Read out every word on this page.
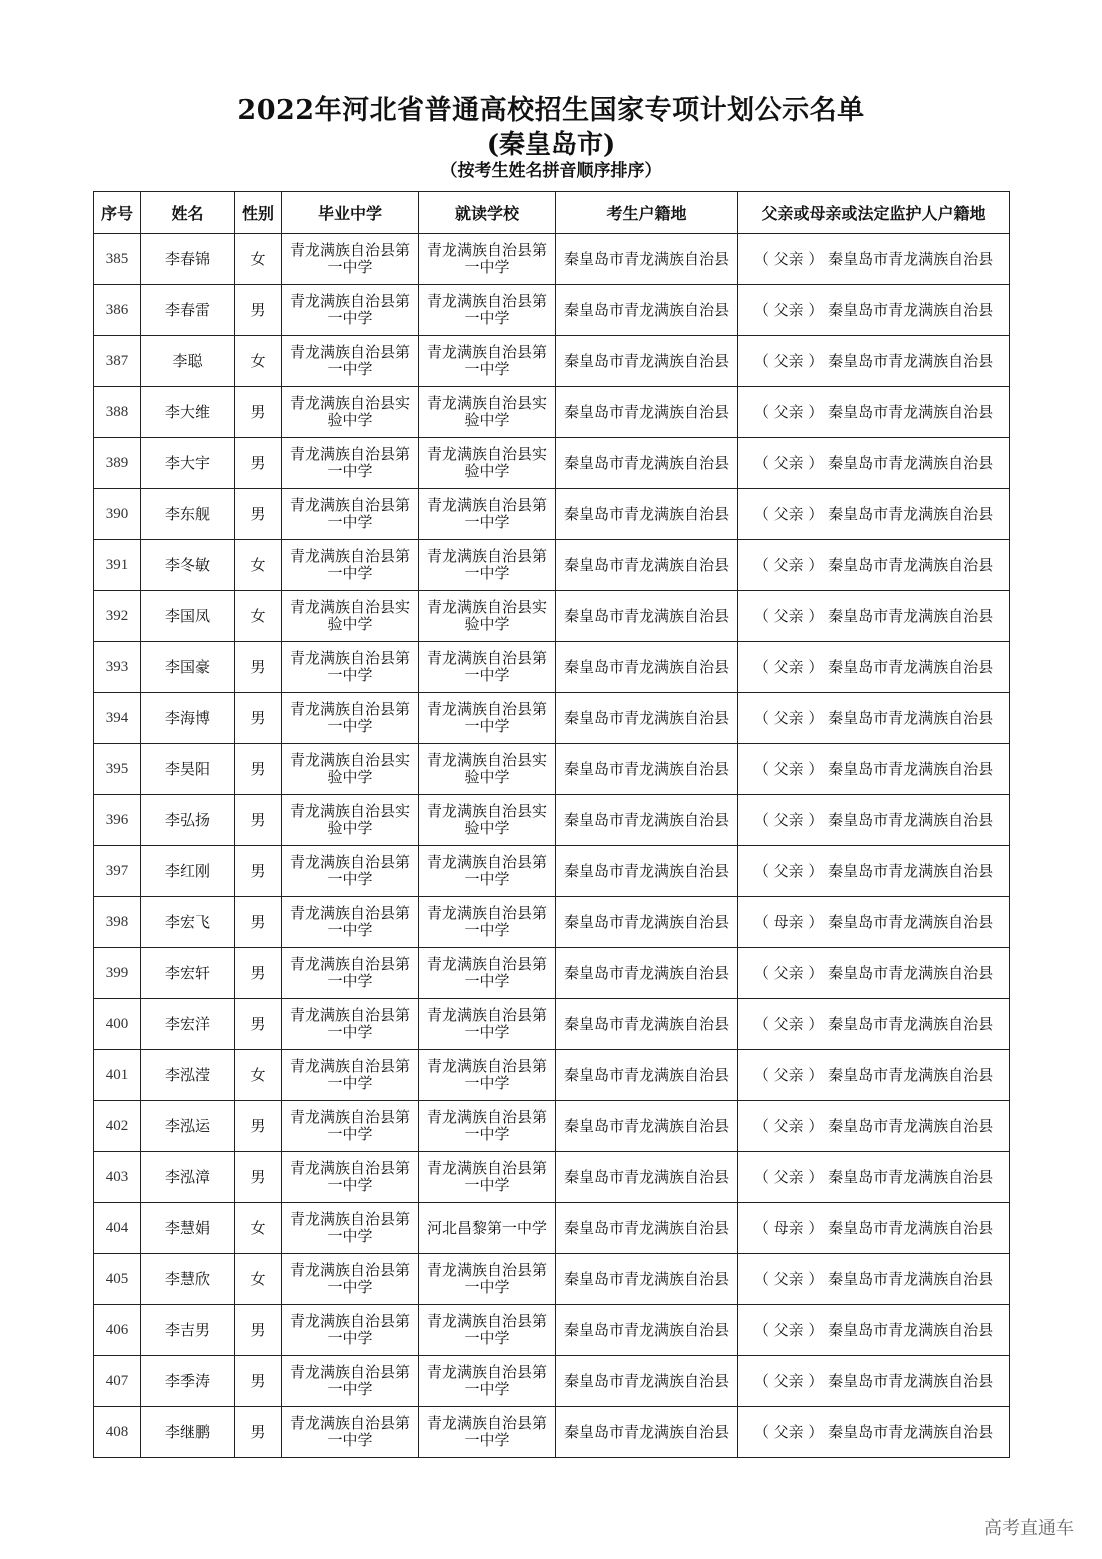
2022年河北省普通高校招生国家专项计划公示名单
(秦皇岛市)
（按考生姓名拼音顺序排序）
序号	姓名	性别	毕业中学	就读学校	考生户籍地	父亲或母亲或法定监护人户籍地
385	李春锦	女	青龙满族自治县第一中学	青龙满族自治县第一中学	秦皇岛市青龙满族自治县	（ 父亲 ） 秦皇岛市青龙满族自治县
386	李春雷	男	青龙满族自治县第一中学	青龙满族自治县第一中学	秦皇岛市青龙满族自治县	（ 父亲 ） 秦皇岛市青龙满族自治县
387	李聪	女	青龙满族自治县第一中学	青龙满族自治县第一中学	秦皇岛市青龙满族自治县	（ 父亲 ） 秦皇岛市青龙满族自治县
388	李大维	男	青龙满族自治县实验中学	青龙满族自治县实验中学	秦皇岛市青龙满族自治县	（ 父亲 ） 秦皇岛市青龙满族自治县
389	李大宇	男	青龙满族自治县第一中学	青龙满族自治县实验中学	秦皇岛市青龙满族自治县	（ 父亲 ） 秦皇岛市青龙满族自治县
390	李东舰	男	青龙满族自治县第一中学	青龙满族自治县第一中学	秦皇岛市青龙满族自治县	（ 父亲 ） 秦皇岛市青龙满族自治县
391	李冬敏	女	青龙满族自治县第一中学	青龙满族自治县第一中学	秦皇岛市青龙满族自治县	（ 父亲 ） 秦皇岛市青龙满族自治县
392	李国凤	女	青龙满族自治县实验中学	青龙满族自治县实验中学	秦皇岛市青龙满族自治县	（ 父亲 ） 秦皇岛市青龙满族自治县
393	李国豪	男	青龙满族自治县第一中学	青龙满族自治县第一中学	秦皇岛市青龙满族自治县	（ 父亲 ） 秦皇岛市青龙满族自治县
394	李海博	男	青龙满族自治县第一中学	青龙满族自治县第一中学	秦皇岛市青龙满族自治县	（ 父亲 ） 秦皇岛市青龙满族自治县
395	李昊阳	男	青龙满族自治县实验中学	青龙满族自治县实验中学	秦皇岛市青龙满族自治县	（ 父亲 ） 秦皇岛市青龙满族自治县
396	李弘扬	男	青龙满族自治县实验中学	青龙满族自治县实验中学	秦皇岛市青龙满族自治县	（ 父亲 ） 秦皇岛市青龙满族自治县
397	李红刚	男	青龙满族自治县第一中学	青龙满族自治县第一中学	秦皇岛市青龙满族自治县	（ 父亲 ） 秦皇岛市青龙满族自治县
398	李宏飞	男	青龙满族自治县第一中学	青龙满族自治县第一中学	秦皇岛市青龙满族自治县	（ 母亲 ） 秦皇岛市青龙满族自治县
399	李宏轩	男	青龙满族自治县第一中学	青龙满族自治县第一中学	秦皇岛市青龙满族自治县	（ 父亲 ） 秦皇岛市青龙满族自治县
400	李宏洋	男	青龙满族自治县第一中学	青龙满族自治县第一中学	秦皇岛市青龙满族自治县	（ 父亲 ） 秦皇岛市青龙满族自治县
401	李泓滢	女	青龙满族自治县第一中学	青龙满族自治县第一中学	秦皇岛市青龙满族自治县	（ 父亲 ） 秦皇岛市青龙满族自治县
402	李泓运	男	青龙满族自治县第一中学	青龙满族自治县第一中学	秦皇岛市青龙满族自治县	（ 父亲 ） 秦皇岛市青龙满族自治县
403	李泓漳	男	青龙满族自治县第一中学	青龙满族自治县第一中学	秦皇岛市青龙满族自治县	（ 父亲 ） 秦皇岛市青龙满族自治县
404	李慧娟	女	青龙满族自治县第一中学	河北昌黎第一中学	秦皇岛市青龙满族自治县	（ 母亲 ） 秦皇岛市青龙满族自治县
405	李慧欣	女	青龙满族自治县第一中学	青龙满族自治县第一中学	秦皇岛市青龙满族自治县	（ 父亲 ） 秦皇岛市青龙满族自治县
406	李吉男	男	青龙满族自治县第一中学	青龙满族自治县第一中学	秦皇岛市青龙满族自治县	（ 父亲 ） 秦皇岛市青龙满族自治县
407	李季涛	男	青龙满族自治县第一中学	青龙满族自治县第一中学	秦皇岛市青龙满族自治县	（ 父亲 ） 秦皇岛市青龙满族自治县
408	李继鹏	男	青龙满族自治县第一中学	青龙满族自治县第一中学	秦皇岛市青龙满族自治县	（ 父亲 ） 秦皇岛市青龙满族自治县
高考直通车
